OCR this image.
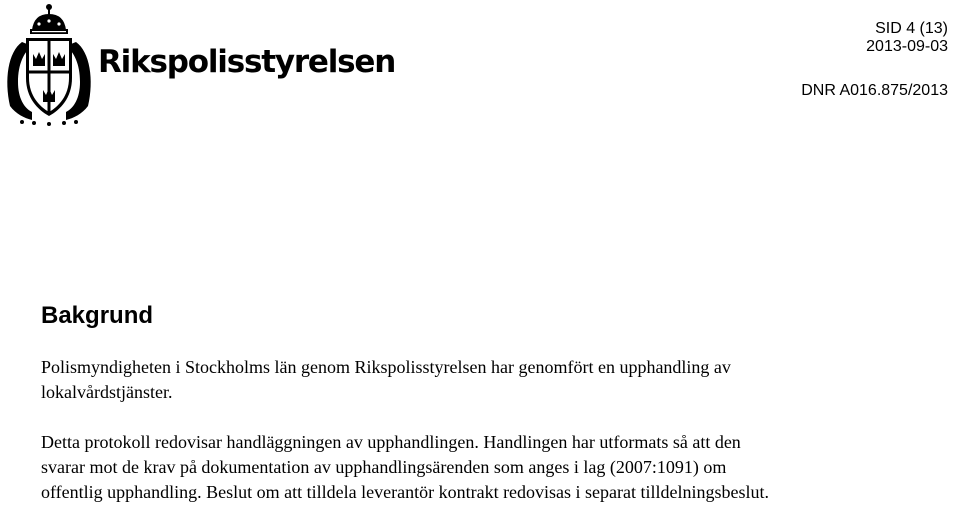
Rikspolisstyrelsen
SID 4 (13)
2013-09-03
DNR A016.875/2013
Bakgrund

Polismyndigheten i Stockholms län genom Rikspolisstyrelsen har genomfört en upphandling av
lokalvårdstjänster.

Detta protokoll redovisar handläggningen av upphandlingen. Handlingen har utformats så att den
svarar mot de krav på dokumentation av upphandlingsärenden som anges i lag (2007:1091) om
offentlig upphandling. Beslut om att tilldela leverantör kontrakt redovisas i separat tilldelningsbeslut.
